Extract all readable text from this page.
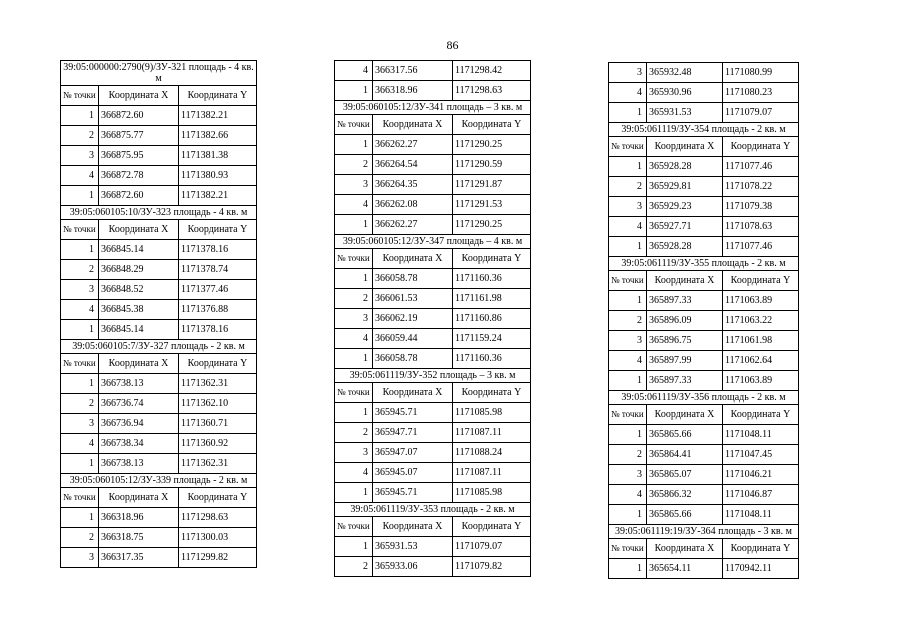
86
39:05:000000:2790(9)/ЗУ-321 площадь - 4 кв. м		
№ точки	Координата X	Координата Y
1	366872.60	1171382.21
2	366875.77	1171382.66
3	366875.95	1171381.38
4	366872.78	1171380.93
1	366872.60	1171382.21
39:05:060105:10/ЗУ-323 площадь - 4 кв. м		
№ точки	Координата X	Координата Y
1	366845.14	1171378.16
2	366848.29	1171378.74
3	366848.52	1171377.46
4	366845.38	1171376.88
1	366845.14	1171378.16
39:05:060105:7/ЗУ-327 площадь - 2 кв. м		
№ точки	Координата X	Координата Y
1	366738.13	1171362.31
2	366736.74	1171362.10
3	366736.94	1171360.71
4	366738.34	1171360.92
1	366738.13	1171362.31
39:05:060105:12/ЗУ-339 площадь - 2 кв. м		
№ точки	Координата X	Координата Y
1	366318.96	1171298.63
2	366318.75	1171300.03
3	366317.35	1171299.82
4	366317.56	1171298.42
1	366318.96	1171298.63
39:05:060105:12/ЗУ-341 площадь – 3 кв. м		
№ точки	Координата X	Координата Y
1	366262.27	1171290.25
2	366264.54	1171290.59
3	366264.35	1171291.87
4	366262.08	1171291.53
1	366262.27	1171290.25
39:05:060105:12/ЗУ-347 площадь – 4 кв. м		
№ точки	Координата X	Координата Y
1	366058.78	1171160.36
2	366061.53	1171161.98
3	366062.19	1171160.86
4	366059.44	1171159.24
1	366058.78	1171160.36
39:05:061119/ЗУ-352 площадь – 3 кв. м		
№ точки	Координата X	Координата Y
1	365945.71	1171085.98
2	365947.71	1171087.11
3	365947.07	1171088.24
4	365945.07	1171087.11
1	365945.71	1171085.98
39:05:061119/ЗУ-353 площадь - 2 кв. м		
№ точки	Координата X	Координата Y
1	365931.53	1171079.07
2	365933.06	1171079.82
3	365932.48	1171080.99
4	365930.96	1171080.23
1	365931.53	1171079.07
39:05:061119/ЗУ-354 площадь - 2 кв. м		
№ точки	Координата X	Координата Y
1	365928.28	1171077.46
2	365929.81	1171078.22
3	365929.23	1171079.38
4	365927.71	1171078.63
1	365928.28	1171077.46
39:05:061119/ЗУ-355 площадь - 2 кв. м		
№ точки	Координата X	Координата Y
1	365897.33	1171063.89
2	365896.09	1171063.22
3	365896.75	1171061.98
4	365897.99	1171062.64
1	365897.33	1171063.89
39:05:061119/ЗУ-356 площадь - 2 кв. м		
№ точки	Координата X	Координата Y
1	365865.66	1171048.11
2	365864.41	1171047.45
3	365865.07	1171046.21
4	365866.32	1171046.87
1	365865.66	1171048.11
39:05:061119:19/ЗУ-364 площадь - 3 кв. м		
№ точки	Координата X	Координата Y
1	365654.11	1170942.11
